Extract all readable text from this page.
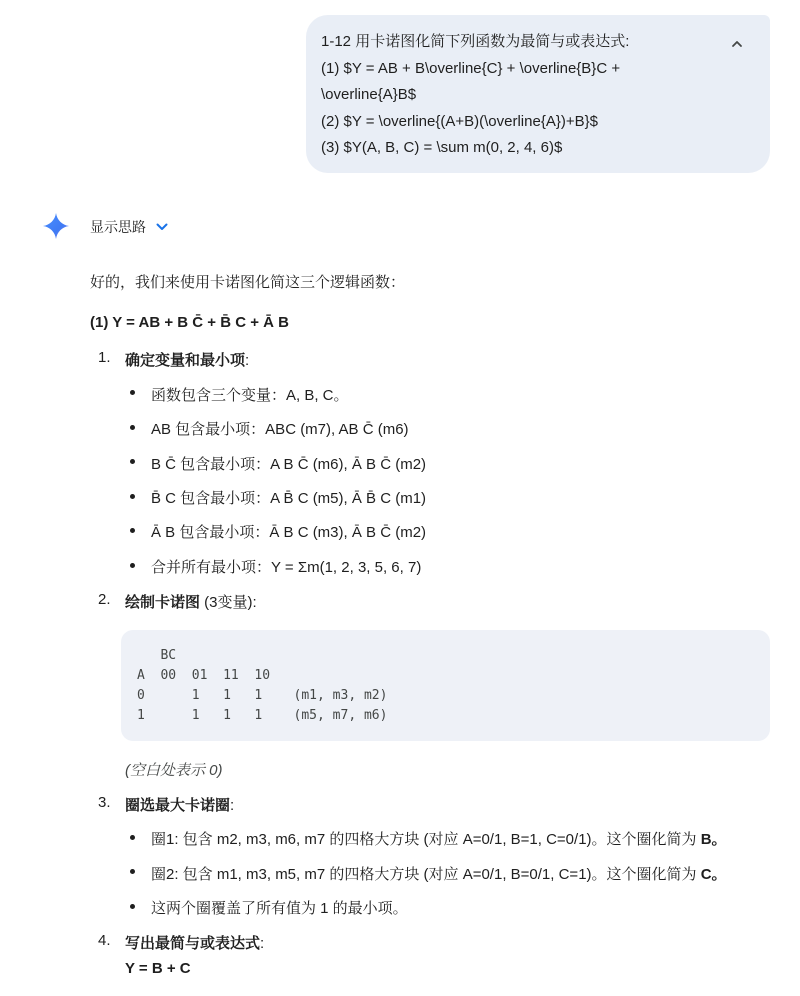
1-12 用卡诺图化简下列函数为最简与或表达式:
(1) $Y = AB + B\overline{C} + \overline{B}C +
\overline{A}B$
(2) $Y = \overline{(A+B)(\overline{A})+B}$
(3) $Y(A, B, C) = \sum m(0, 2, 4, 6)$
显示思路
好的，我们来使用卡诺图化简这三个逻辑函数：
(1) Y = AB + B C̄ + B̄ C + Ā B
1. 确定变量和最小项:
函数包含三个变量：A, B, C。
AB 包含最小项：ABC (m7), AB C̄ (m6)
B C̄ 包含最小项：A B C̄ (m6), Ā B C̄ (m2)
B̄ C 包含最小项：A B̄ C (m5), Ā B̄ C (m1)
Ā B 包含最小项：Ā B C (m3), Ā B C̄ (m2)
合并所有最小项：Y = Σm(1, 2, 3, 5, 6, 7)
2. 绘制卡诺图 (3变量):
(空白处表示 0)
3. 圈选最大卡诺圈:
圈1: 包含 m2, m3, m6, m7 的四格大方块 (对应 A=0/1, B=1, C=0/1)。这个圈化简为 B。
圈2: 包含 m1, m3, m5, m7 的四格大方块 (对应 A=0/1, B=0/1, C=1)。这个圈化简为 C。
这两个圈覆盖了所有值为 1 的最小项。
4. 写出最简与或表达式:
Y = B + C
BC
A  00  01  11  10
0      1   1   1    (m1, m3, m2)
1      1   1   1    (m5, m7, m6)
